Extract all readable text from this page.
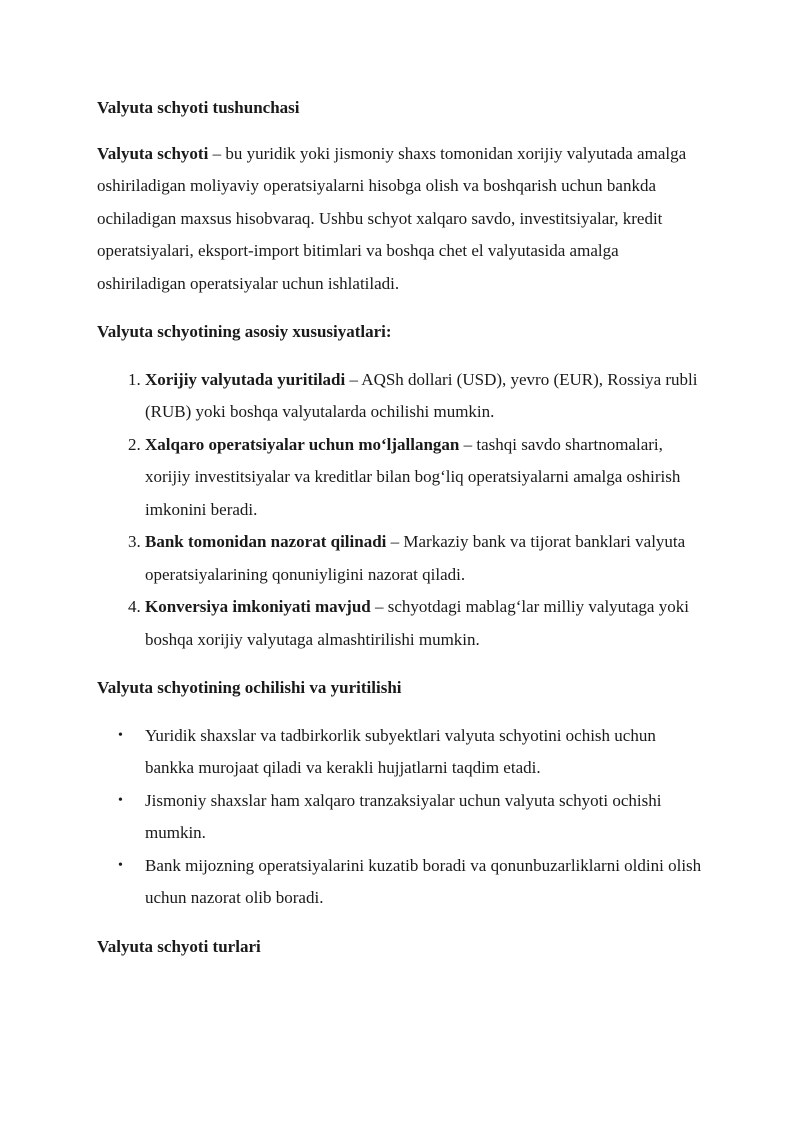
Valyuta schyoti tushunchasi

Valyuta schyoti – bu yuridik yoki jismoniy shaxs tomonidan xorijiy valyutada amalga oshiriladigan moliyaviy operatsiyalarni hisobga olish va boshqarish uchun bankda ochiladigan maxsus hisobvaraq. Ushbu schyot xalqaro savdo, investitsiyalar, kredit operatsiyalari, eksport-import bitimlari va boshqa chet el valyutasida amalga oshiriladigan operatsiyalar uchun ishlatiladi.

Valyuta schyotining asosiy xususiyatlari:
1. Xorijiy valyutada yuritiladi – AQSh dollari (USD), yevro (EUR), Rossiya rubli (RUB) yoki boshqa valyutalarda ochilishi mumkin.
2. Xalqaro operatsiyalar uchun mo‘ljallangan – tashqi savdo shartnomalari, xorijiy investitsiyalar va kreditlar bilan bog‘liq operatsiyalarni amalga oshirish imkonini beradi.
3. Bank tomonidan nazorat qilinadi – Markaziy bank va tijorat banklari valyuta operatsiyalarining qonuniyligini nazorat qiladi.
4. Konversiya imkoniyati mavjud – schyotdagi mablag‘lar milliy valyutaga yoki boshqa xorijiy valyutaga almashtirilishi mumkin.
Valyuta schyotining ochilishi va yuritilishi
• Yuridik shaxslar va tadbirkorlik subyektlari valyuta schyotini ochish uchun bankka murojaat qiladi va kerakli hujjatlarni taqdim etadi.
• Jismoniy shaxslar ham xalqaro tranzaksiyalar uchun valyuta schyoti ochishi mumkin.
• Bank mijozning operatsiyalarini kuzatib boradi va qonunbuzarliklarni oldini olish uchun nazorat olib boradi.
Valyuta schyoti turlari
